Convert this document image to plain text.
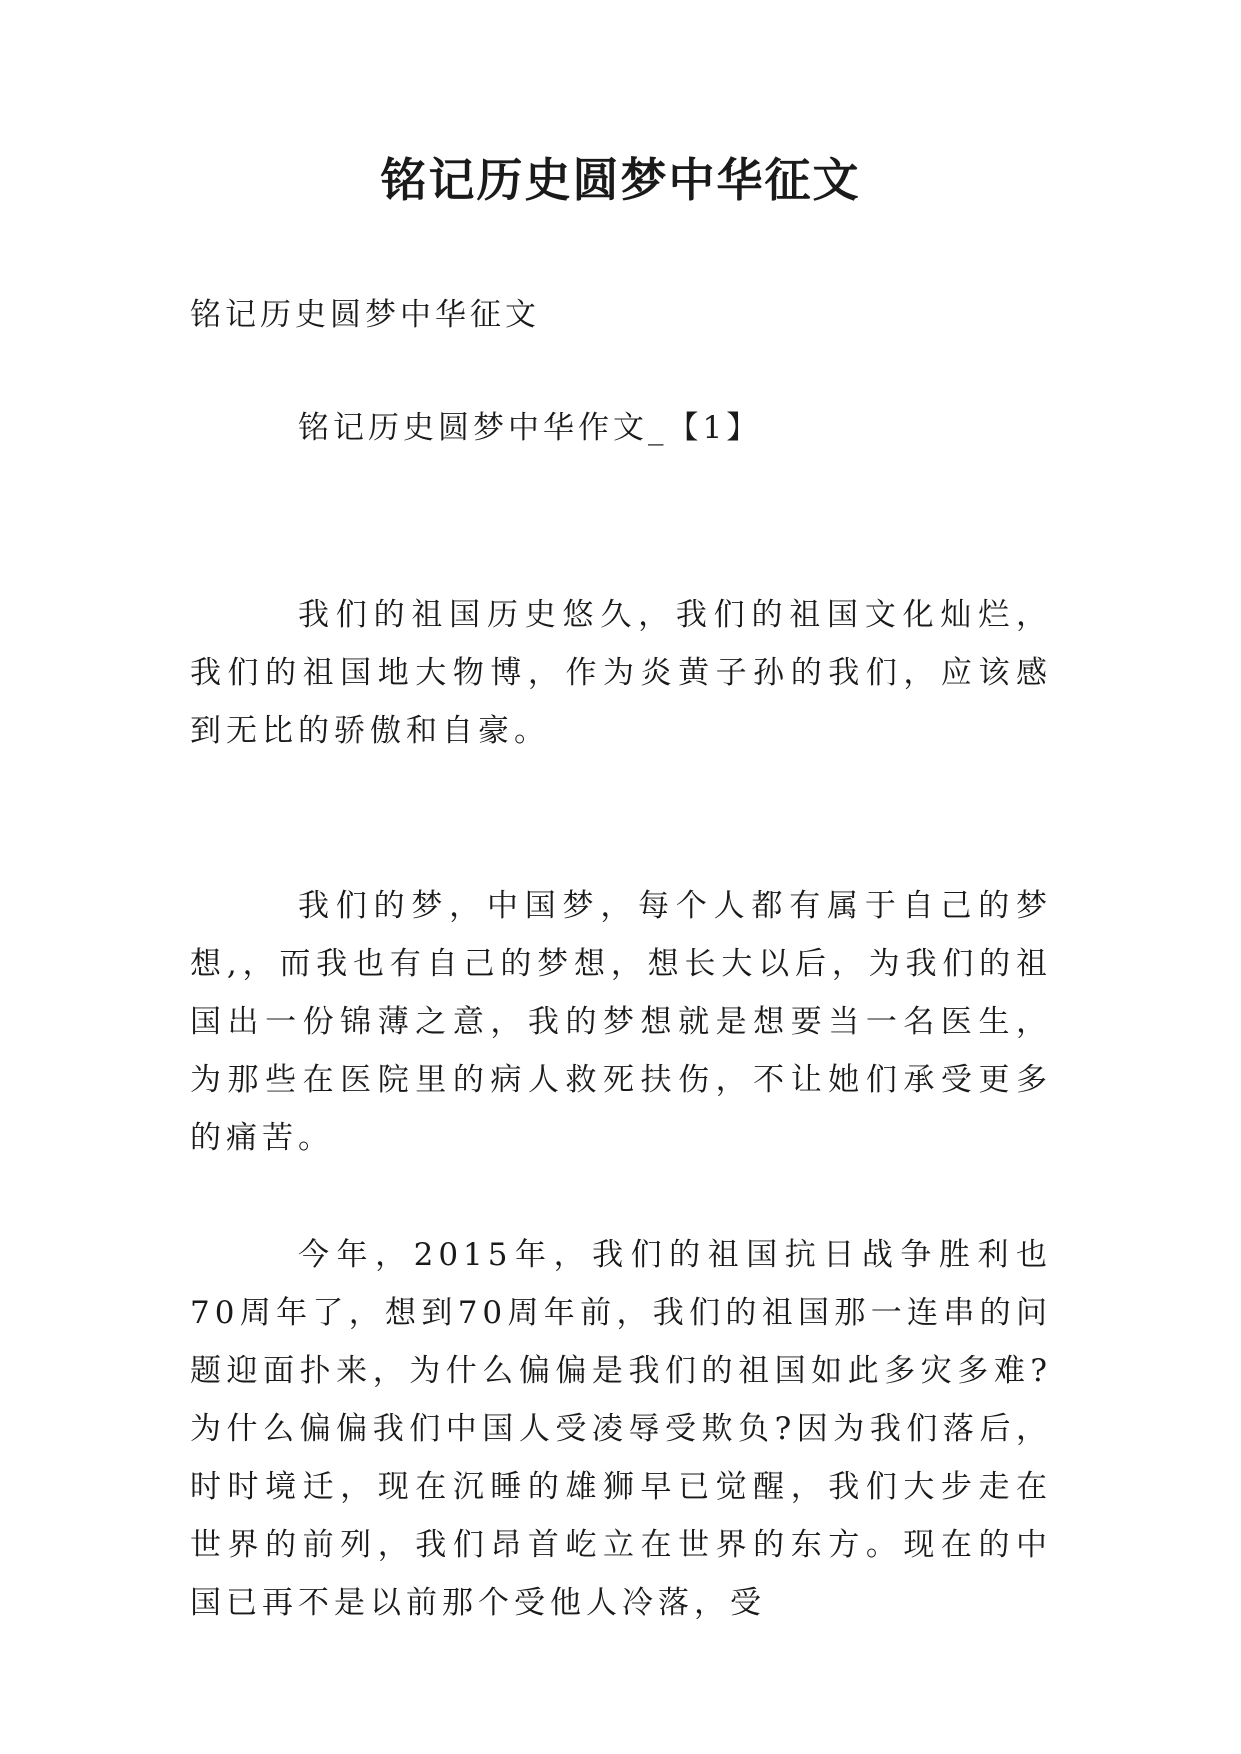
铭记历史圆梦中华征文

铭记历史圆梦中华征文

铭记历史圆梦中华作文_【1】

我们的祖国历史悠久，我们的祖国文化灿烂，我们的祖国地大物博，作为炎黄子孙的我们，应该感到无比的骄傲和自豪。

我们的梦，中国梦，每个人都有属于自己的梦想,，而我也有自己的梦想，想长大以后，为我们的祖国出一份锦薄之意，我的梦想就是想要当一名医生，为那些在医院里的病人救死扶伤，不让她们承受更多的痛苦。

今年，2015年，我们的祖国抗日战争胜利也70周年了，想到70周年前，我们的祖国那一连串的问题迎面扑来，为什么偏偏是我们的祖国如此多灾多难?为什么偏偏我们中国人受凌辱受欺负?因为我们落后，时时境迁，现在沉睡的雄狮早已觉醒，我们大步走在世界的前列，我们昂首屹立在世界的东方。现在的中国已再不是以前那个受他人冷落，受
